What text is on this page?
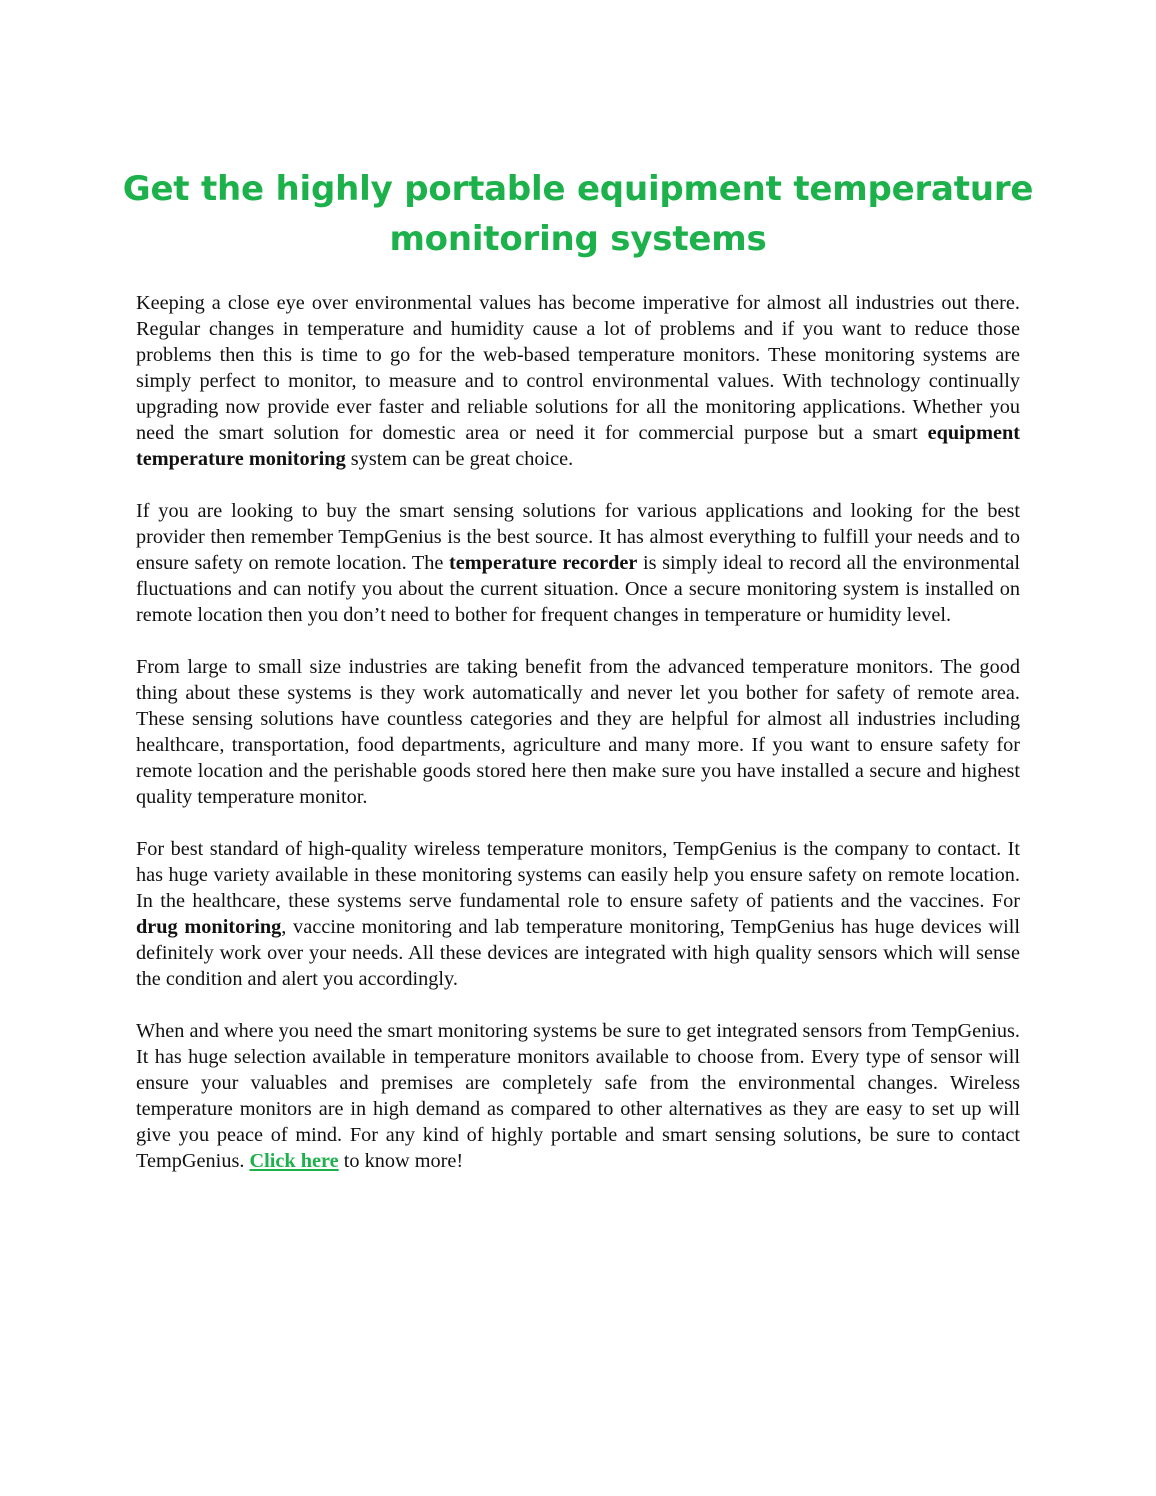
Get the highly portable equipment temperature monitoring systems

Keeping a close eye over environmental values has become imperative for almost all industries out there. Regular changes in temperature and humidity cause a lot of problems and if you want to reduce those problems then this is time to go for the web-based temperature monitors. These monitoring systems are simply perfect to monitor, to measure and to control environmental values. With technology continually upgrading now provide ever faster and reliable solutions for all the monitoring applications. Whether you need the smart solution for domestic area or need it for commercial purpose but a smart equipment temperature monitoring system can be great choice.

If you are looking to buy the smart sensing solutions for various applications and looking for the best provider then remember TempGenius is the best source. It has almost everything to fulfill your needs and to ensure safety on remote location. The temperature recorder is simply ideal to record all the environmental fluctuations and can notify you about the current situation. Once a secure monitoring system is installed on remote location then you don’t need to bother for frequent changes in temperature or humidity level.

From large to small size industries are taking benefit from the advanced temperature monitors. The good thing about these systems is they work automatically and never let you bother for safety of remote area. These sensing solutions have countless categories and they are helpful for almost all industries including healthcare, transportation, food departments, agriculture and many more. If you want to ensure safety for remote location and the perishable goods stored here then make sure you have installed a secure and highest quality temperature monitor.

For best standard of high-quality wireless temperature monitors, TempGenius is the company to contact. It has huge variety available in these monitoring systems can easily help you ensure safety on remote location. In the healthcare, these systems serve fundamental role to ensure safety of patients and the vaccines. For drug monitoring, vaccine monitoring and lab temperature monitoring, TempGenius has huge devices will definitely work over your needs. All these devices are integrated with high quality sensors which will sense the condition and alert you accordingly.

When and where you need the smart monitoring systems be sure to get integrated sensors from TempGenius. It has huge selection available in temperature monitors available to choose from. Every type of sensor will ensure your valuables and premises are completely safe from the environmental changes. Wireless temperature monitors are in high demand as compared to other alternatives as they are easy to set up will give you peace of mind. For any kind of highly portable and smart sensing solutions, be sure to contact TempGenius. Click here to know more!
